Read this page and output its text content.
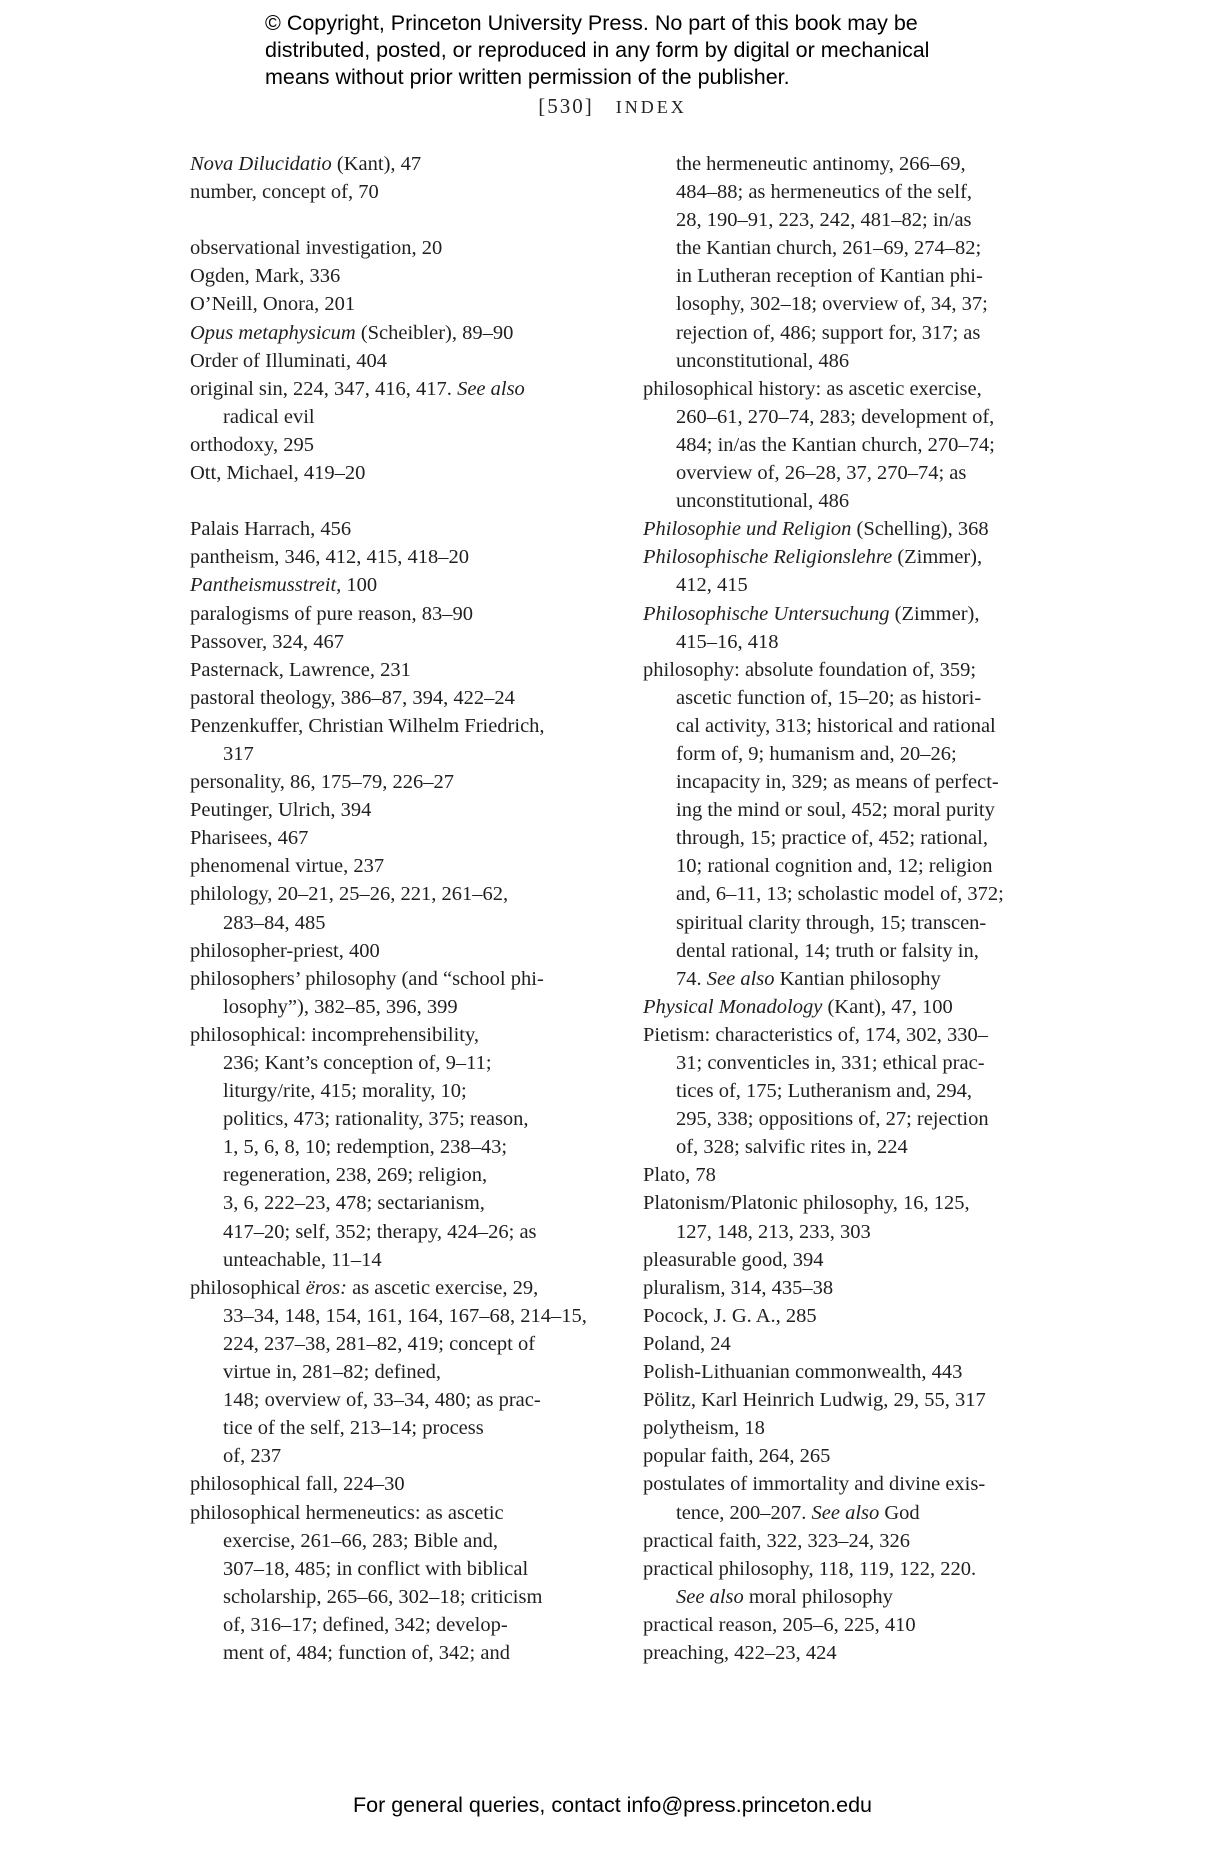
© Copyright, Princeton University Press. No part of this book may be
distributed, posted, or reproduced in any form by digital or mechanical
means without prior written permission of the publisher.
[530] INDEX
Nova Dilucidatio (Kant), 47
number, concept of, 70
observational investigation, 20
Ogden, Mark, 336
O’Neill, Onora, 201
Opus metaphysicum (Scheibler), 89–90
Order of Illuminati, 404
original sin, 224, 347, 416, 417. See also
radical evil
orthodoxy, 295
Ott, Michael, 419–20
Palais Harrach, 456
pantheism, 346, 412, 415, 418–20
Pantheismusstreit, 100
paralogisms of pure reason, 83–90
Passover, 324, 467
Pasternack, Lawrence, 231
pastoral theology, 386–87, 394, 422–24
Penzenkuffer, Christian Wilhelm Friedrich,
317
personality, 86, 175–79, 226–27
Peutinger, Ulrich, 394
Pharisees, 467
phenomenal virtue, 237
philology, 20–21, 25–26, 221, 261–62,
283–84, 485
philosopher-priest, 400
philosophers’ philosophy (and “school phi-
losophy”), 382–85, 396, 399
philosophical: incomprehensibility,
236; Kant’s conception of, 9–11;
liturgy/rite, 415; morality, 10;
politics, 473; rationality, 375; reason,
1, 5, 6, 8, 10; redemption, 238–43;
regeneration, 238, 269; religion,
3, 6, 222–23, 478; sectarianism,
417–20; self, 352; therapy, 424–26; as
unteachable, 11–14
philosophical ëros: as ascetic exercise, 29,
33–34, 148, 154, 161, 164, 167–68, 214–15,
224, 237–38, 281–82, 419; concept of
virtue in, 281–82; defined,
148; overview of, 33–34, 480; as prac-
tice of the self, 213–14; process
of, 237
philosophical fall, 224–30
philosophical hermeneutics: as ascetic
exercise, 261–66, 283; Bible and,
307–18, 485; in conflict with biblical
scholarship, 265–66, 302–18; criticism
of, 316–17; defined, 342; develop-
ment of, 484; function of, 342; and
the hermeneutic antinomy, 266–69,
484–88; as hermeneutics of the self,
28, 190–91, 223, 242, 481–82; in/as
the Kantian church, 261–69, 274–82;
in Lutheran reception of Kantian phi-
losophy, 302–18; overview of, 34, 37;
rejection of, 486; support for, 317; as
unconstitutional, 486
philosophical history: as ascetic exercise,
260–61, 270–74, 283; development of,
484; in/as the Kantian church, 270–74;
overview of, 26–28, 37, 270–74; as
unconstitutional, 486
Philosophie und Religion (Schelling), 368
Philosophische Religionslehre (Zimmer),
412, 415
Philosophische Untersuchung (Zimmer),
415–16, 418
philosophy: absolute foundation of, 359;
ascetic function of, 15–20; as histori-
cal activity, 313; historical and rational
form of, 9; humanism and, 20–26;
incapacity in, 329; as means of perfect-
ing the mind or soul, 452; moral purity
through, 15; practice of, 452; rational,
10; rational cognition and, 12; religion
and, 6–11, 13; scholastic model of, 372;
spiritual clarity through, 15; transcen-
dental rational, 14; truth or falsity in,
74. See also Kantian philosophy
Physical Monadology (Kant), 47, 100
Pietism: characteristics of, 174, 302, 330–
31; conventicles in, 331; ethical prac-
tices of, 175; Lutheranism and, 294,
295, 338; oppositions of, 27; rejection
of, 328; salvific rites in, 224
Plato, 78
Platonism/Platonic philosophy, 16, 125,
127, 148, 213, 233, 303
pleasurable good, 394
pluralism, 314, 435–38
Pocock, J. G. A., 285
Poland, 24
Polish-Lithuanian commonwealth, 443
Pölitz, Karl Heinrich Ludwig, 29, 55, 317
polytheism, 18
popular faith, 264, 265
postulates of immortality and divine exis-
tence, 200–207. See also God
practical faith, 322, 323–24, 326
practical philosophy, 118, 119, 122, 220.
See also moral philosophy
practical reason, 205–6, 225, 410
preaching, 422–23, 424
For general queries, contact info@press.princeton.edu
